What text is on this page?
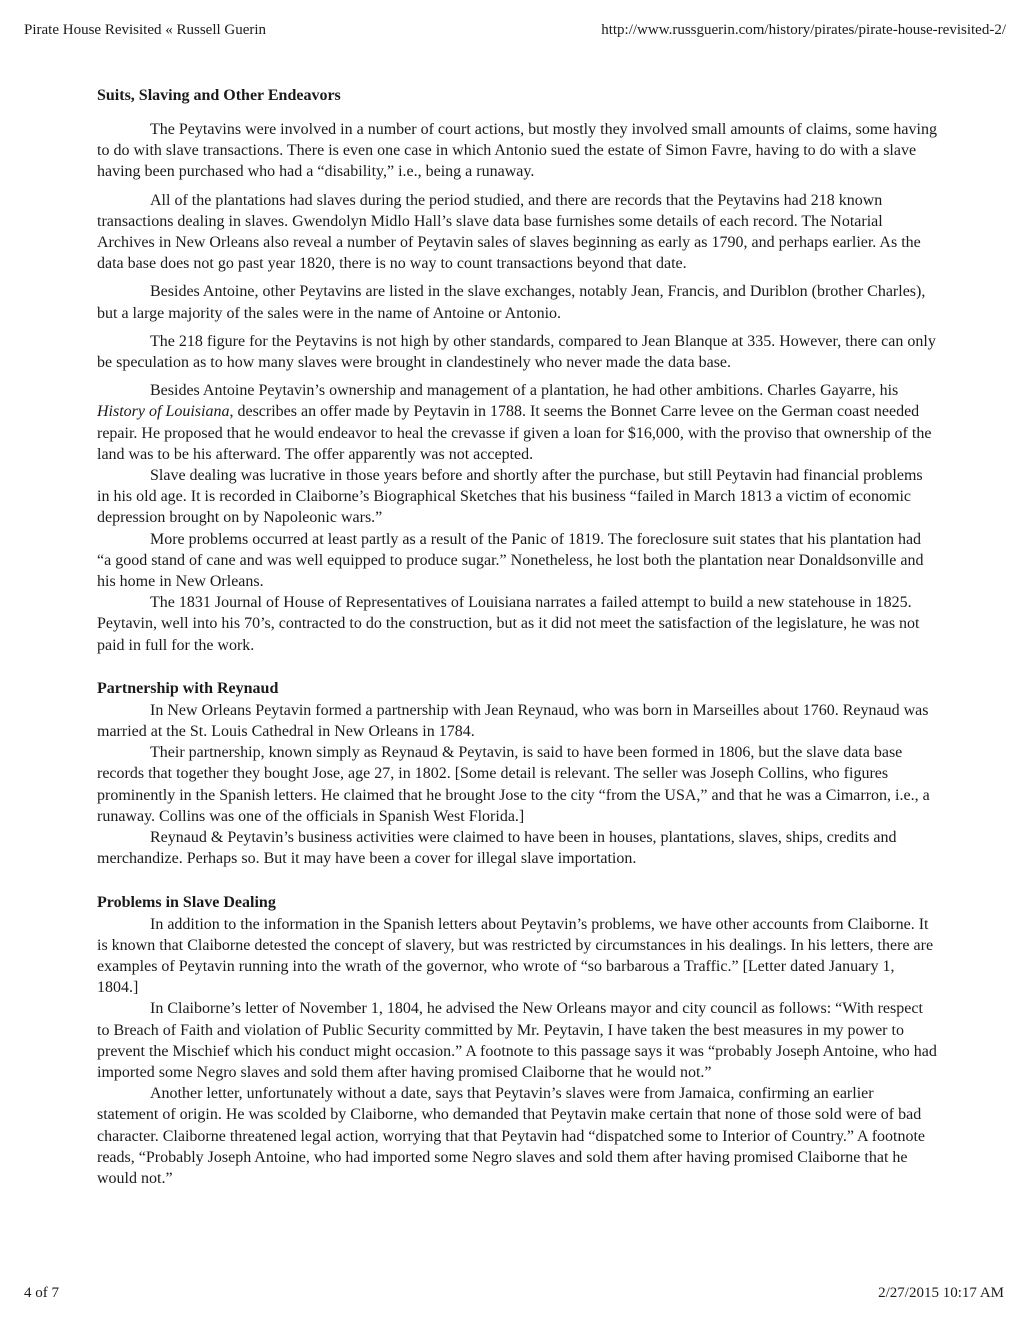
Pirate House Revisited « Russell Guerin	http://www.russguerin.com/history/pirates/pirate-house-revisited-2/
Suits, Slaving and Other Endeavors

The Peytavins were involved in a number of court actions, but mostly they involved small amounts of claims, some having to do with slave transactions. There is even one case in which Antonio sued the estate of Simon Favre, having to do with a slave having been purchased who had a “disability,” i.e., being a runaway.

All of the plantations had slaves during the period studied, and there are records that the Peytavins had 218 known transactions dealing in slaves. Gwendolyn Midlo Hall’s slave data base furnishes some details of each record. The Notarial Archives in New Orleans also reveal a number of Peytavin sales of slaves beginning as early as 1790, and perhaps earlier. As the data base does not go past year 1820, there is no way to count transactions beyond that date.

Besides Antoine, other Peytavins are listed in the slave exchanges, notably Jean, Francis, and Duriblon (brother Charles), but a large majority of the sales were in the name of Antoine or Antonio.

The 218 figure for the Peytavins is not high by other standards, compared to Jean Blanque at 335. However, there can only be speculation as to how many slaves were brought in clandestinely who never made the data base.

Besides Antoine Peytavin’s ownership and management of a plantation, he had other ambitions. Charles Gayarre, his History of Louisiana, describes an offer made by Peytavin in 1788. It seems the Bonnet Carre levee on the German coast needed repair. He proposed that he would endeavor to heal the crevasse if given a loan for $16,000, with the proviso that ownership of the land was to be his afterward. The offer apparently was not accepted.

Slave dealing was lucrative in those years before and shortly after the purchase, but still Peytavin had financial problems in his old age. It is recorded in Claiborne’s Biographical Sketches that his business “failed in March 1813 a victim of economic depression brought on by Napoleonic wars.”

More problems occurred at least partly as a result of the Panic of 1819. The foreclosure suit states that his plantation had “a good stand of cane and was well equipped to produce sugar.” Nonetheless, he lost both the plantation near Donaldsonville and his home in New Orleans.

The 1831 Journal of House of Representatives of Louisiana narrates a failed attempt to build a new statehouse in 1825. Peytavin, well into his 70’s, contracted to do the construction, but as it did not meet the satisfaction of the legislature, he was not paid in full for the work.

Partnership with Reynaud

In New Orleans Peytavin formed a partnership with Jean Reynaud, who was born in Marseilles about 1760. Reynaud was married at the St. Louis Cathedral in New Orleans in 1784.

Their partnership, known simply as Reynaud & Peytavin, is said to have been formed in 1806, but the slave data base records that together they bought Jose, age 27, in 1802. [Some detail is relevant. The seller was Joseph Collins, who figures prominently in the Spanish letters. He claimed that he brought Jose to the city “from the USA,” and that he was a Cimarron, i.e., a runaway. Collins was one of the officials in Spanish West Florida.]

Reynaud & Peytavin’s business activities were claimed to have been in houses, plantations, slaves, ships, credits and merchandize. Perhaps so. But it may have been a cover for illegal slave importation.

Problems in Slave Dealing

In addition to the information in the Spanish letters about Peytavin’s problems, we have other accounts from Claiborne. It is known that Claiborne detested the concept of slavery, but was restricted by circumstances in his dealings. In his letters, there are examples of Peytavin running into the wrath of the governor, who wrote of “so barbarous a Traffic.” [Letter dated January 1, 1804.]

In Claiborne’s letter of November 1, 1804, he advised the New Orleans mayor and city council as follows: “With respect to Breach of Faith and violation of Public Security committed by Mr. Peytavin, I have taken the best measures in my power to prevent the Mischief which his conduct might occasion.” A footnote to this passage says it was “probably Joseph Antoine, who had imported some Negro slaves and sold them after having promised Claiborne that he would not.”

Another letter, unfortunately without a date, says that Peytavin’s slaves were from Jamaica, confirming an earlier statement of origin. He was scolded by Claiborne, who demanded that Peytavin make certain that none of those sold were of bad character. Claiborne threatened legal action, worrying that that Peytavin had “dispatched some to Interior of Country.” A footnote reads, “Probably Joseph Antoine, who had imported some Negro slaves and sold them after having promised Claiborne that he would not.”

4 of 7	2/27/2015 10:17 AM
